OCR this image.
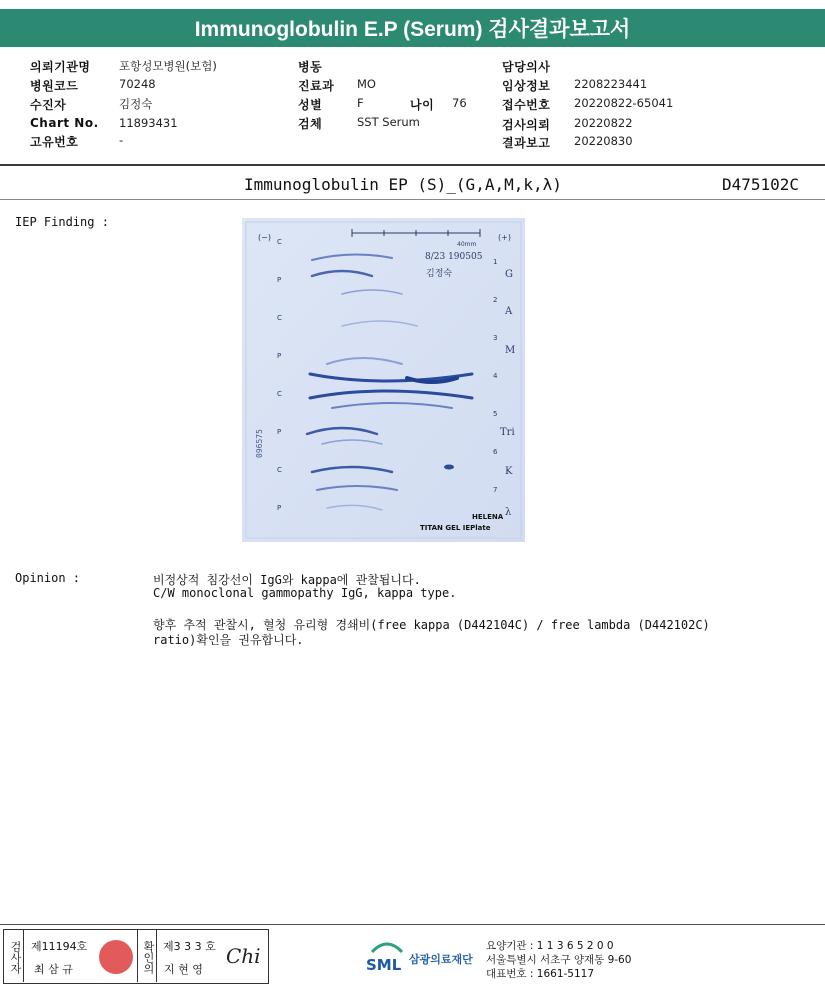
Immunoglobulin E.P (Serum) 검사결과보고서
의뢰기관명 포항성모병원(보험)
병원코드	70248
수진자	김정숙
Chart No. 11893431
고유번호	-
병동
진료과 MO
성별	F	나이 76
검체	SST Serum
담당의사
임상정보 2208223441
접수번호 20220822-65041
검사의뢰 20220822
결과보고 20220830
Immunoglobulin EP (S)_(G,A,M,k,λ)	D475102C
IEP Finding :
(−)	(+)
40mm
8/23 190505
김정숙
096575
HELENA
TITAN GEL IEPlate
C
P
C
P
C
P
C
P
1
2
3
4
5
6
7
G
A
M
Tri
K
λ
Opinion :	비정상적 침강선이 IgG와 kappa에 관찰됩니다.
C/W monoclonal gammopathy IgG, kappa type.
향후 추적 관찰시, 혈청 유리형 경쇄비(free kappa (D442104C) / free lambda (D442102C)
ratio)확인을 권유합니다.
검사자 제11194호
최 삼 규	확인의 제3 3 3 호
지 현 영
Chi	SML 삼광의료재단
요양기관 : 1 1 3 6 5 2 0 0
서울특별시 서초구 양재동 9-60
대표번호 : 1661-5117
